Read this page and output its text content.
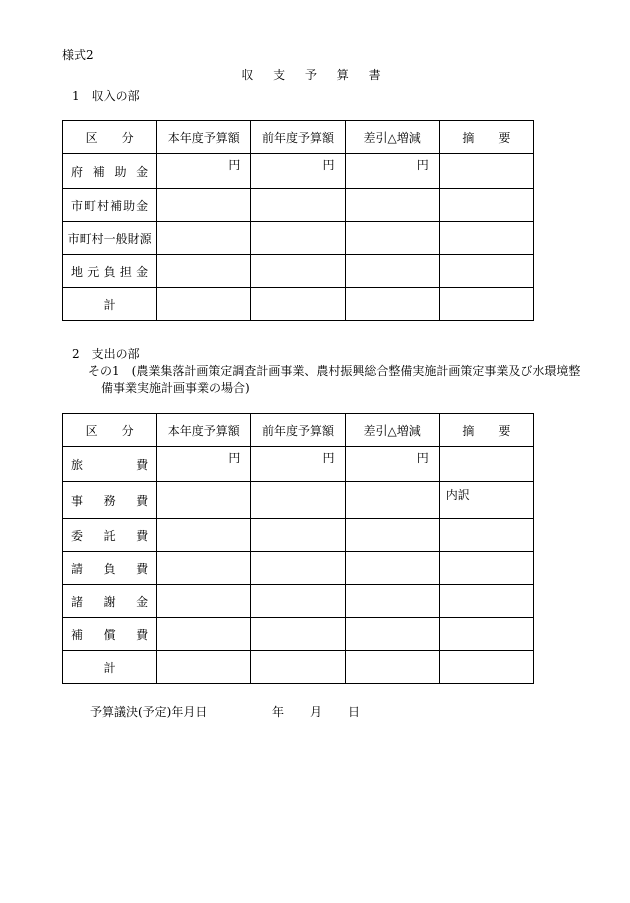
様式2
収 支 予 算 書
1　収入の部
区　　分	本年度予算額	前年度予算額	差引△増減	摘　　要
府補助金	円	円	円	
市町村補助金				
市町村一般財源				
地元負担金				
計				
2　支出の部
その1　(農業集落計画策定調査計画事業、農村振興総合整備実施計画策定事業及び水環境整
備事業実施計画事業の場合)
区　　分	本年度予算額	前年度予算額	差引△増減	摘　　要
旅費	円	円	円	
事務費				内訳
委託費				
請負費				
諸謝金				
補償費				
計				
予算議決(予定)年月日	年 月 日
